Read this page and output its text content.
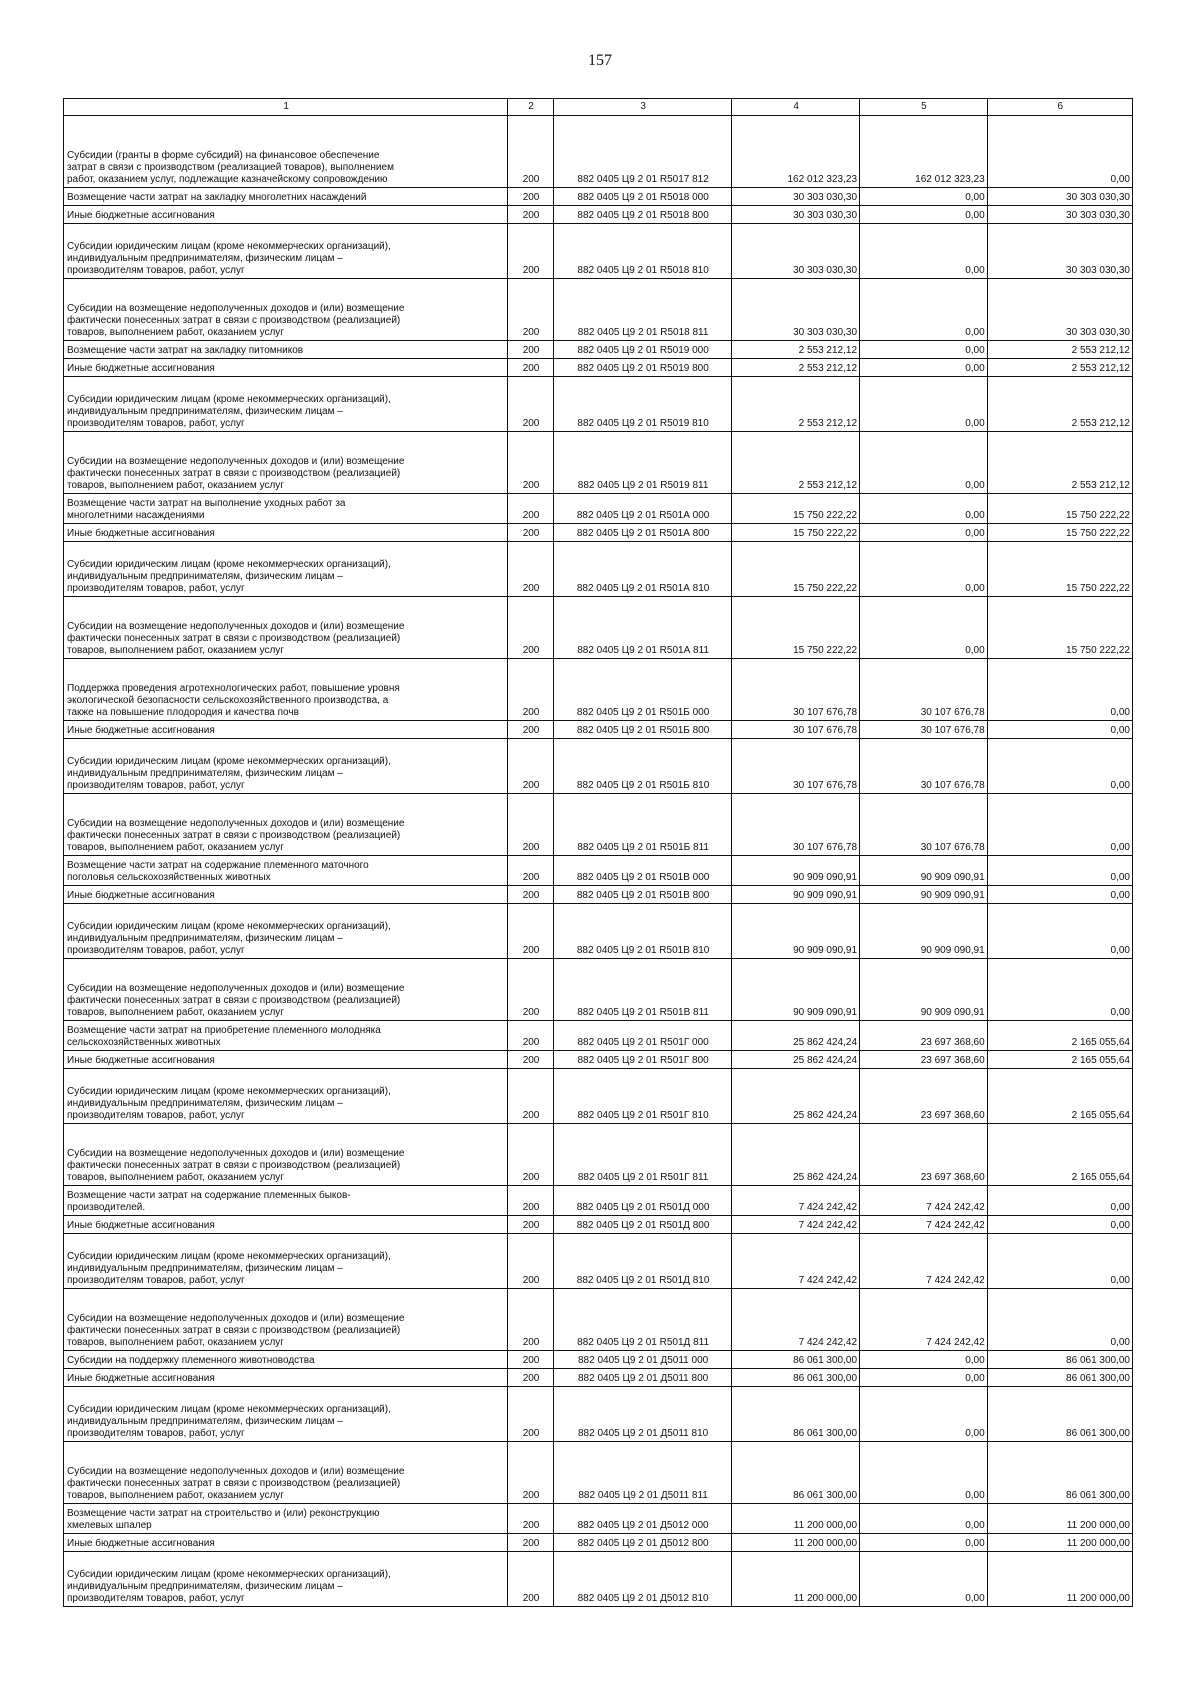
157
1	2	3	4	5	6
Субсидии (гранты в форме субсидий) на финансовое обеспечение
затрат в связи с производством (реализацией товаров), выполнением
работ, оказанием услуг, подлежащие казначейскому сопровождению	200	882 0405 Ц9 2 01 R5017 812	162 012 323,23	162 012 323,23	0,00
Возмещение части затрат на закладку многолетних насаждений	200	882 0405 Ц9 2 01 R5018 000	30 303 030,30	0,00	30 303 030,30
Иные бюджетные ассигнования	200	882 0405 Ц9 2 01 R5018 800	30 303 030,30	0,00	30 303 030,30
Субсидии юридическим лицам (кроме некоммерческих организаций),
индивидуальным предпринимателям, физическим лицам –
производителям товаров, работ, услуг	200	882 0405 Ц9 2 01 R5018 810	30 303 030,30	0,00	30 303 030,30
Субсидии на возмещение недополученных доходов и (или) возмещение
фактически понесенных затрат в связи с производством (реализацией)
товаров, выполнением работ, оказанием услуг	200	882 0405 Ц9 2 01 R5018 811	30 303 030,30	0,00	30 303 030,30
Возмещение части затрат на закладку питомников	200	882 0405 Ц9 2 01 R5019 000	2 553 212,12	0,00	2 553 212,12
Иные бюджетные ассигнования	200	882 0405 Ц9 2 01 R5019 800	2 553 212,12	0,00	2 553 212,12
Субсидии юридическим лицам (кроме некоммерческих организаций),
индивидуальным предпринимателям, физическим лицам –
производителям товаров, работ, услуг	200	882 0405 Ц9 2 01 R5019 810	2 553 212,12	0,00	2 553 212,12
Субсидии на возмещение недополученных доходов и (или) возмещение
фактически понесенных затрат в связи с производством (реализацией)
товаров, выполнением работ, оказанием услуг	200	882 0405 Ц9 2 01 R5019 811	2 553 212,12	0,00	2 553 212,12
Возмещение части затрат на выполнение уходных работ за
многолетними насаждениями	200	882 0405 Ц9 2 01 R501А 000	15 750 222,22	0,00	15 750 222,22
Иные бюджетные ассигнования	200	882 0405 Ц9 2 01 R501А 800	15 750 222,22	0,00	15 750 222,22
Субсидии юридическим лицам (кроме некоммерческих организаций),
индивидуальным предпринимателям, физическим лицам –
производителям товаров, работ, услуг	200	882 0405 Ц9 2 01 R501А 810	15 750 222,22	0,00	15 750 222,22
Субсидии на возмещение недополученных доходов и (или) возмещение
фактически понесенных затрат в связи с производством (реализацией)
товаров, выполнением работ, оказанием услуг	200	882 0405 Ц9 2 01 R501А 811	15 750 222,22	0,00	15 750 222,22
Поддержка проведения агротехнологических работ, повышение уровня
экологической безопасности сельскохозяйственного производства, а
также на повышение плодородия и качества почв	200	882 0405 Ц9 2 01 R501Б 000	30 107 676,78	30 107 676,78	0,00
Иные бюджетные ассигнования	200	882 0405 Ц9 2 01 R501Б 800	30 107 676,78	30 107 676,78	0,00
Субсидии юридическим лицам (кроме некоммерческих организаций),
индивидуальным предпринимателям, физическим лицам –
производителям товаров, работ, услуг	200	882 0405 Ц9 2 01 R501Б 810	30 107 676,78	30 107 676,78	0,00
Субсидии на возмещение недополученных доходов и (или) возмещение
фактически понесенных затрат в связи с производством (реализацией)
товаров, выполнением работ, оказанием услуг	200	882 0405 Ц9 2 01 R501Б 811	30 107 676,78	30 107 676,78	0,00
Возмещение части затрат на содержание племенного маточного
поголовья сельскохозяйственных животных	200	882 0405 Ц9 2 01 R501В 000	90 909 090,91	90 909 090,91	0,00
Иные бюджетные ассигнования	200	882 0405 Ц9 2 01 R501В 800	90 909 090,91	90 909 090,91	0,00
Субсидии юридическим лицам (кроме некоммерческих организаций),
индивидуальным предпринимателям, физическим лицам –
производителям товаров, работ, услуг	200	882 0405 Ц9 2 01 R501В 810	90 909 090,91	90 909 090,91	0,00
Субсидии на возмещение недополученных доходов и (или) возмещение
фактически понесенных затрат в связи с производством (реализацией)
товаров, выполнением работ, оказанием услуг	200	882 0405 Ц9 2 01 R501В 811	90 909 090,91	90 909 090,91	0,00
Возмещение части затрат на приобретение племенного молодняка
сельскохозяйственных животных	200	882 0405 Ц9 2 01 R501Г 000	25 862 424,24	23 697 368,60	2 165 055,64
Иные бюджетные ассигнования	200	882 0405 Ц9 2 01 R501Г 800	25 862 424,24	23 697 368,60	2 165 055,64
Субсидии юридическим лицам (кроме некоммерческих организаций),
индивидуальным предпринимателям, физическим лицам –
производителям товаров, работ, услуг	200	882 0405 Ц9 2 01 R501Г 810	25 862 424,24	23 697 368,60	2 165 055,64
Субсидии на возмещение недополученных доходов и (или) возмещение
фактически понесенных затрат в связи с производством (реализацией)
товаров, выполнением работ, оказанием услуг	200	882 0405 Ц9 2 01 R501Г 811	25 862 424,24	23 697 368,60	2 165 055,64
Возмещение части затрат на содержание племенных быков-
производителей.	200	882 0405 Ц9 2 01 R501Д 000	7 424 242,42	7 424 242,42	0,00
Иные бюджетные ассигнования	200	882 0405 Ц9 2 01 R501Д 800	7 424 242,42	7 424 242,42	0,00
Субсидии юридическим лицам (кроме некоммерческих организаций),
индивидуальным предпринимателям, физическим лицам –
производителям товаров, работ, услуг	200	882 0405 Ц9 2 01 R501Д 810	7 424 242,42	7 424 242,42	0,00
Субсидии на возмещение недополученных доходов и (или) возмещение
фактически понесенных затрат в связи с производством (реализацией)
товаров, выполнением работ, оказанием услуг	200	882 0405 Ц9 2 01 R501Д 811	7 424 242,42	7 424 242,42	0,00
Субсидии на поддержку племенного животноводства	200	882 0405 Ц9 2 01 Д5011 000	86 061 300,00	0,00	86 061 300,00
Иные бюджетные ассигнования	200	882 0405 Ц9 2 01 Д5011 800	86 061 300,00	0,00	86 061 300,00
Субсидии юридическим лицам (кроме некоммерческих организаций),
индивидуальным предпринимателям, физическим лицам –
производителям товаров, работ, услуг	200	882 0405 Ц9 2 01 Д5011 810	86 061 300,00	0,00	86 061 300,00
Субсидии на возмещение недополученных доходов и (или) возмещение
фактически понесенных затрат в связи с производством (реализацией)
товаров, выполнением работ, оказанием услуг	200	882 0405 Ц9 2 01 Д5011 811	86 061 300,00	0,00	86 061 300,00
Возмещение части затрат на строительство и (или) реконструкцию
хмелевых шпалер	200	882 0405 Ц9 2 01 Д5012 000	11 200 000,00	0,00	11 200 000,00
Иные бюджетные ассигнования	200	882 0405 Ц9 2 01 Д5012 800	11 200 000,00	0,00	11 200 000,00
Субсидии юридическим лицам (кроме некоммерческих организаций),
индивидуальным предпринимателям, физическим лицам –
производителям товаров, работ, услуг	200	882 0405 Ц9 2 01 Д5012 810	11 200 000,00	0,00	11 200 000,00
